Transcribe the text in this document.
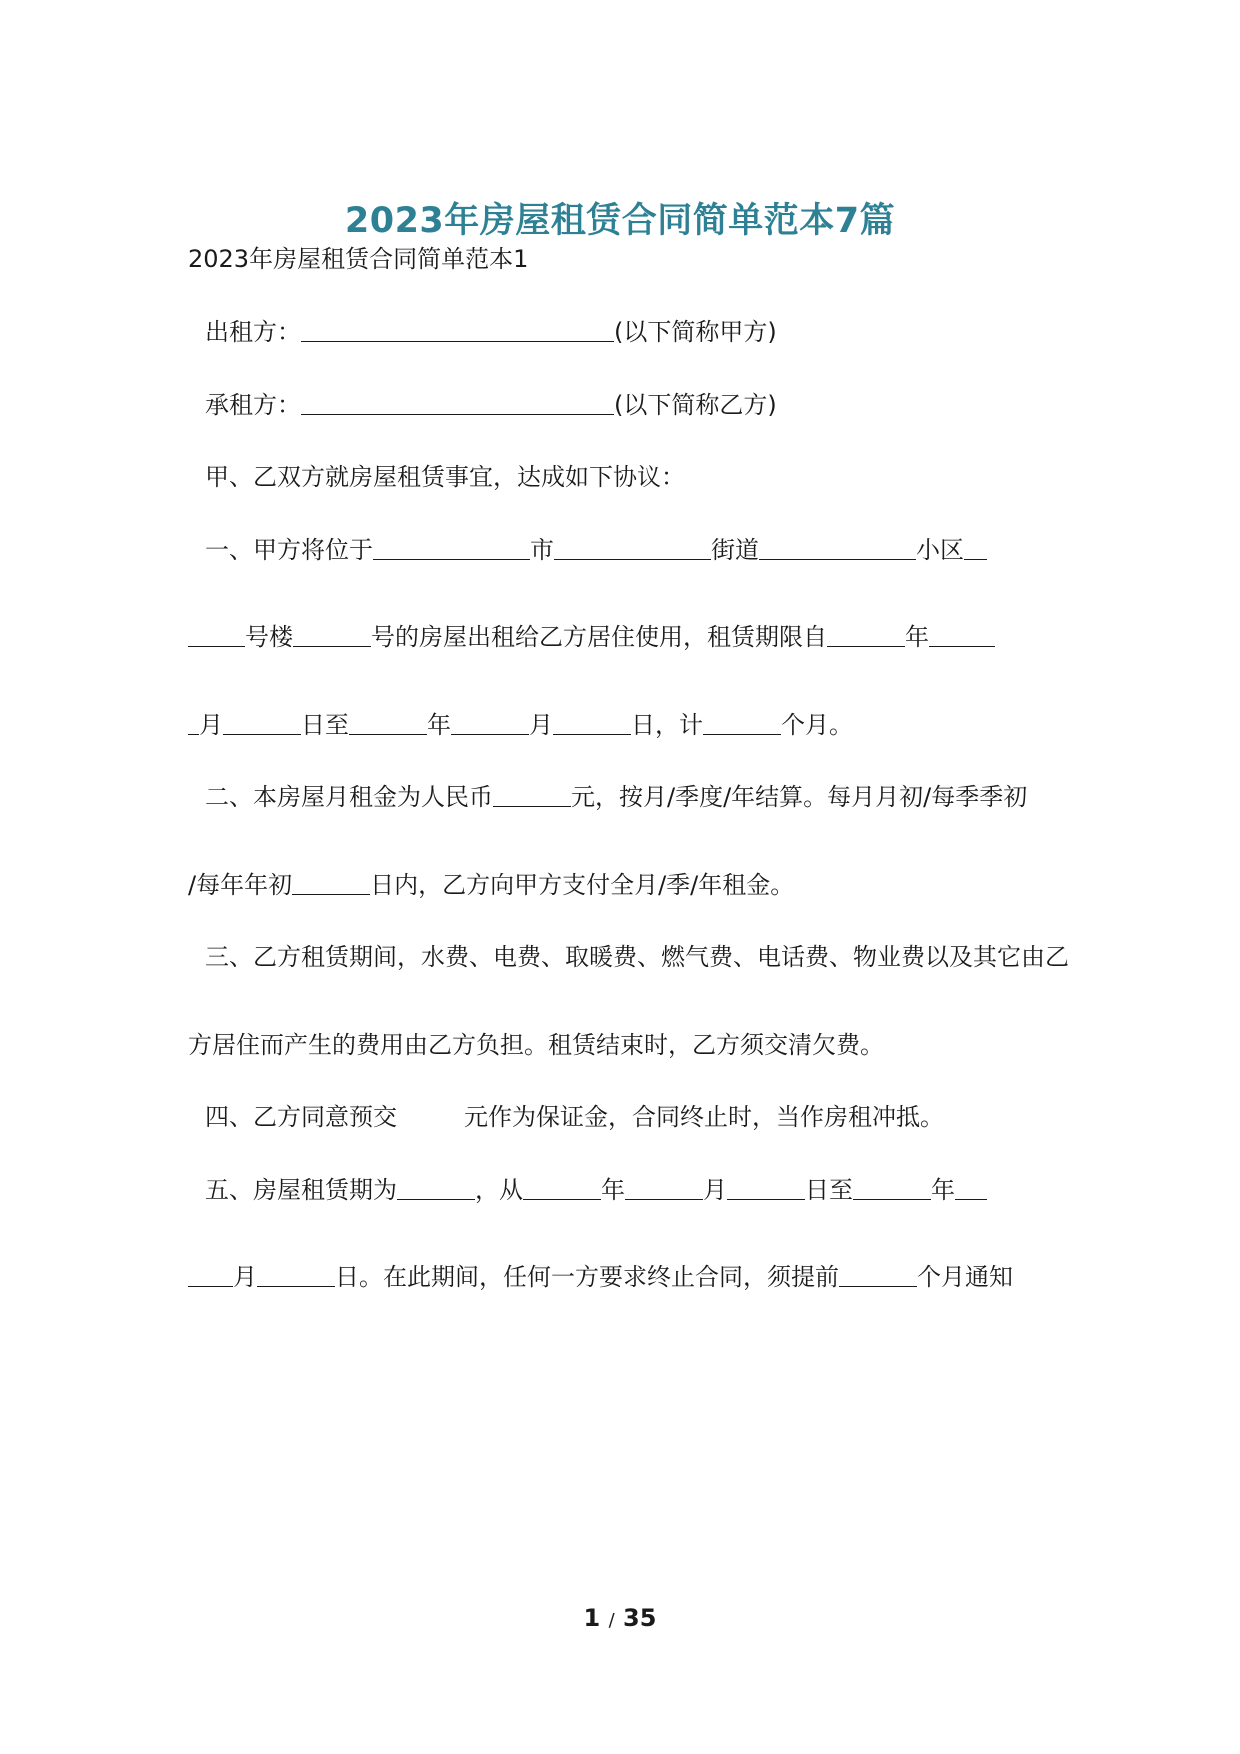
2023年房屋租赁合同简单范本7篇
2023年房屋租赁合同简单范本1
出租方：	(以下简称甲方)
承租方：	(以下简称乙方)
甲、乙双方就房屋租赁事宜，达成如下协议：
一、甲方将位于	市	街道	小区
号楼	号的房屋出租给乙方居住使用，租赁期限自	年
月	日至	年	月	日，计	个月。
二、本房屋月租金为人民币	元，按月/季度/年结算。每月月初/每季季初
/每年年初	日内，乙方向甲方支付全月/季/年租金。
三、乙方租赁期间，水费、电费、取暖费、燃气费、电话费、物业费以及其它由乙
方居住而产生的费用由乙方负担。租赁结束时，乙方须交清欠费。
四、乙方同意预交	元作为保证金，合同终止时，当作房租冲抵。
五、房屋租赁期为	，从	年	月	日至	年
月	日。在此期间，任何一方要求终止合同，须提前	个月通知
1 / 35
